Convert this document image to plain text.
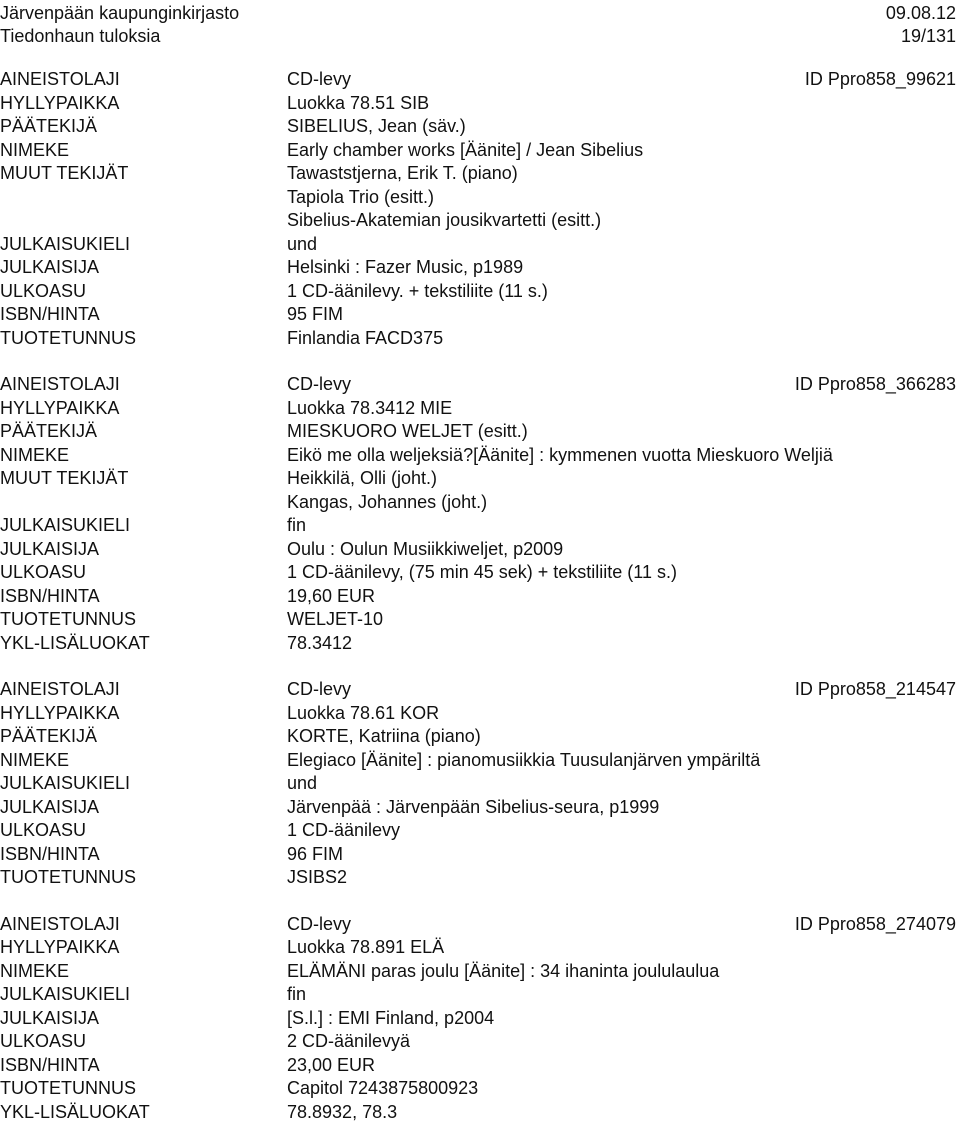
Järvenpään kaupunginkirjasto	09.08.12
Tiedonhaun tuloksia	19/131
AINEISTOLAJI	CD-levy	ID Ppro858_99621
HYLLYPAIKKA	Luokka 78.51 SIB
PÄÄTEKIJÄ	SIBELIUS, Jean (säv.)
NIMEKE	Early chamber works [Äänite] / Jean Sibelius
MUUT TEKIJÄT	Tawaststjerna, Erik T. (piano)
Tapiola Trio (esitt.)
Sibelius-Akatemian jousikvartetti (esitt.)
JULKAISUKIELI	und
JULKAISIJA	Helsinki : Fazer Music, p1989
ULKOASU	1 CD-äänilevy. + tekstiliite (11 s.)
ISBN/HINTA	95 FIM
TUOTETUNNUS	Finlandia FACD375
AINEISTOLAJI	CD-levy	ID Ppro858_366283
HYLLYPAIKKA	Luokka 78.3412 MIE
PÄÄTEKIJÄ	MIESKUORO WELJET (esitt.)
NIMEKE	Eikö me olla weljeksiä?[Äänite] : kymmenen vuotta Mieskuoro Weljiä
MUUT TEKIJÄT	Heikkilä, Olli (joht.)
Kangas, Johannes (joht.)
JULKAISUKIELI	fin
JULKAISIJA	Oulu : Oulun Musiikkiweljet, p2009
ULKOASU	1 CD-äänilevy, (75 min 45 sek) + tekstiliite (11 s.)
ISBN/HINTA	19,60 EUR
TUOTETUNNUS	WELJET-10
YKL-LISÄLUOKAT	78.3412
AINEISTOLAJI	CD-levy	ID Ppro858_214547
HYLLYPAIKKA	Luokka 78.61 KOR
PÄÄTEKIJÄ	KORTE, Katriina (piano)
NIMEKE	Elegiaco [Äänite] : pianomusiikkia Tuusulanjärven ympäriltä
JULKAISUKIELI	und
JULKAISIJA	Järvenpää : Järvenpään Sibelius-seura, p1999
ULKOASU	1 CD-äänilevy
ISBN/HINTA	96 FIM
TUOTETUNNUS	JSIBS2
AINEISTOLAJI	CD-levy	ID Ppro858_274079
HYLLYPAIKKA	Luokka 78.891 ELÄ
NIMEKE	ELÄMÄNI paras joulu [Äänite] : 34 ihaninta joululaulua
JULKAISUKIELI	fin
JULKAISIJA	[S.l.] : EMI Finland, p2004
ULKOASU	2 CD-äänilevyä
ISBN/HINTA	23,00 EUR
TUOTETUNNUS	Capitol 7243875800923
YKL-LISÄLUOKAT	78.8932, 78.3
